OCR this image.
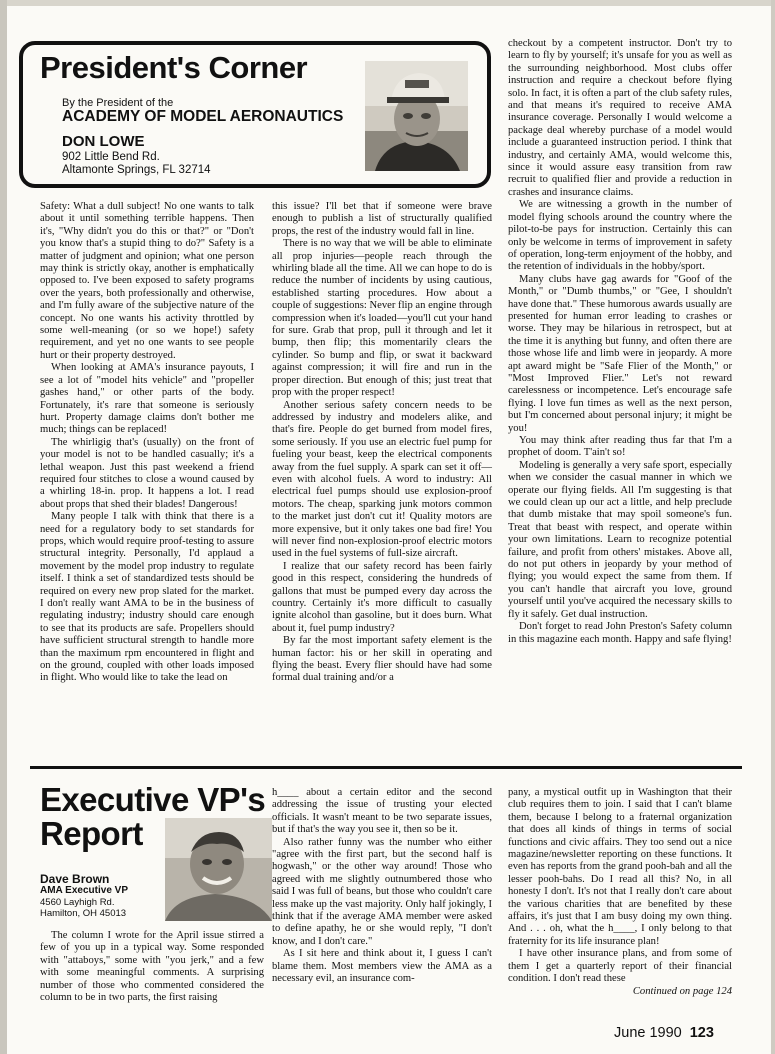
President's Corner
By the President of the
ACADEMY OF MODEL AERONAUTICS
DON LOWE
902 Little Bend Rd.
Altamonte Springs, FL 32714

Safety: What a dull subject! No one wants to talk about it until something terrible happens. Then it's, "Why didn't you do this or that?" or "Don't you know that's a stupid thing to do?" Safety is a matter of judgment and opinion; what one person may think is strictly okay, another is emphatically opposed to. I've been exposed to safety programs over the years, both professionally and otherwise, and I'm fully aware of the subjective nature of the concept. No one wants his activity throttled by some well-meaning (or so we hope!) safety requirement, and yet no one wants to see people hurt or their property destroyed.

When looking at AMA's insurance payouts, I see a lot of "model hits vehicle" and "propeller gashes hand," or other parts of the body. Fortunately, it's rare that someone is seriously hurt. Property damage claims don't bother me much; things can be replaced!

The whirligig that's (usually) on the front of your model is not to be handled casually; it's a lethal weapon. Just this past weekend a friend required four stitches to close a wound caused by a whirling 18-in. prop. It happens a lot. I read about props that shed their blades! Dangerous!

Many people I talk with think that there is a need for a regulatory body to set standards for props, which would require proof-testing to assure structural integrity. Personally, I'd applaud a movement by the model prop industry to regulate itself. I think a set of standardized tests should be required on every new prop slated for the market. I don't really want AMA to be in the business of regulating industry; industry should care enough to see that its products are safe. Propellers should have sufficient structural strength to handle more than the maximum rpm encountered in flight and on the ground, coupled with other loads imposed in flight. Who would like to take the lead on

this issue? I'll bet that if someone were brave enough to publish a list of structurally qualified props, the rest of the industry would fall in line.

There is no way that we will be able to eliminate all prop injuries—people reach through the whirling blade all the time. All we can hope to do is reduce the number of incidents by using cautious, established starting procedures. How about a couple of suggestions: Never flip an engine through compression when it's loaded—you'll cut your hand for sure. Grab that prop, pull it through and let it bump, then flip; this momentarily clears the cylinder. So bump and flip, or swat it backward against compression; it will fire and run in the proper direction. But enough of this; just treat that prop with the proper respect!

Another serious safety concern needs to be addressed by industry and modelers alike, and that's fire. People do get burned from model fires, some seriously. If you use an electric fuel pump for fueling your beast, keep the electrical components away from the fuel supply. A spark can set it off—even with alcohol fuels. A word to industry: All electrical fuel pumps should use explosion-proof motors. The cheap, sparking junk motors common to the market just don't cut it! Quality motors are more expensive, but it only takes one bad fire! You will never find non-explosion-proof electric motors used in the fuel systems of full-size aircraft.

I realize that our safety record has been fairly good in this respect, considering the hundreds of gallons that must be pumped every day across the country. Certainly it's more difficult to casually ignite alcohol than gasoline, but it does burn. What about it, fuel pump industry?

By far the most important safety element is the human factor: his or her skill in operating and flying the beast. Every flier should have had some formal dual training and/or a

checkout by a competent instructor. Don't try to learn to fly by yourself; it's unsafe for you as well as the surrounding neighborhood. Most clubs offer instruction and require a checkout before flying solo. In fact, it is often a part of the club safety rules, and that means it's required to receive AMA insurance coverage. Personally I would welcome a package deal whereby purchase of a model would include a guaranteed instruction period. I think that industry, and certainly AMA, would welcome this, since it would assure easy transition from raw recruit to qualified flier and provide a reduction in crashes and insurance claims.

We are witnessing a growth in the number of model flying schools around the country where the pilot-to-be pays for instruction. Certainly this can only be welcome in terms of improvement in safety of operation, long-term enjoyment of the hobby, and the retention of individuals in the hobby/sport.

Many clubs have gag awards for "Goof of the Month," or "Dumb thumbs," or "Gee, I shouldn't have done that." These humorous awards usually are presented for human error leading to crashes or worse. They may be hilarious in retrospect, but at the time it is anything but funny, and often there are those whose life and limb were in jeopardy. A more apt award might be "Safe Flier of the Month," or "Most Improved Flier." Let's not reward carelessness or incompetence. Let's encourage safe flying. I love fun times as well as the next person, but I'm concerned about personal injury; it might be you!

You may think after reading thus far that I'm a prophet of doom. T'ain't so!

Modeling is generally a very safe sport, especially when we consider the casual manner in which we operate our flying fields. All I'm suggesting is that we could clean up our act a little, and help preclude that dumb mistake that may spoil someone's fun. Treat that beast with respect, and operate within your own limitations. Learn to recognize potential failure, and profit from others' mistakes. Above all, do not put others in jeopardy by your method of flying; you would expect the same from them. If you can't handle that aircraft you love, ground yourself until you've acquired the necessary skills to fly it safely. Get dual instruction.

Don't forget to read John Preston's Safety column in this magazine each month. Happy and safe flying!

Executive VP's
Report
Dave Brown
AMA Executive VP
4560 Layhigh Rd.
Hamilton, OH 45013

The column I wrote for the April issue stirred a few of you up in a typical way. Some responded with "attaboys," some with "you jerk," and a few with some meaningful comments. A surprising number of those who commented considered the column to be in two parts, the first raising

h____ about a certain editor and the second addressing the issue of trusting your elected officials. It wasn't meant to be two separate issues, but if that's the way you see it, then so be it.

Also rather funny was the number who either "agree with the first part, but the second half is hogwash," or the other way around! Those who agreed with me slightly outnumbered those who said I was full of beans, but those who couldn't care less make up the vast majority. Only half jokingly, I think that if the average AMA member were asked to define apathy, he or she would reply, "I don't know, and I don't care."

As I sit here and think about it, I guess I can't blame them. Most members view the AMA as a necessary evil, an insurance com-

pany, a mystical outfit up in Washington that their club requires them to join. I said that I can't blame them, because I belong to a fraternal organization that does all kinds of things in terms of social functions and civic affairs. They too send out a nice magazine/newsletter reporting on these functions. It even has reports from the grand pooh-bah and all the lesser pooh-bahs. Do I read all this? No, in all honesty I don't. It's not that I really don't care about the various charities that are benefited by these affairs, it's just that I am busy doing my own thing. And . . . oh, what the h____, I only belong to that fraternity for its life insurance plan!

I have other insurance plans, and from some of them I get a quarterly report of their financial condition. I don't read these

Continued on page 124
June 1990 123
